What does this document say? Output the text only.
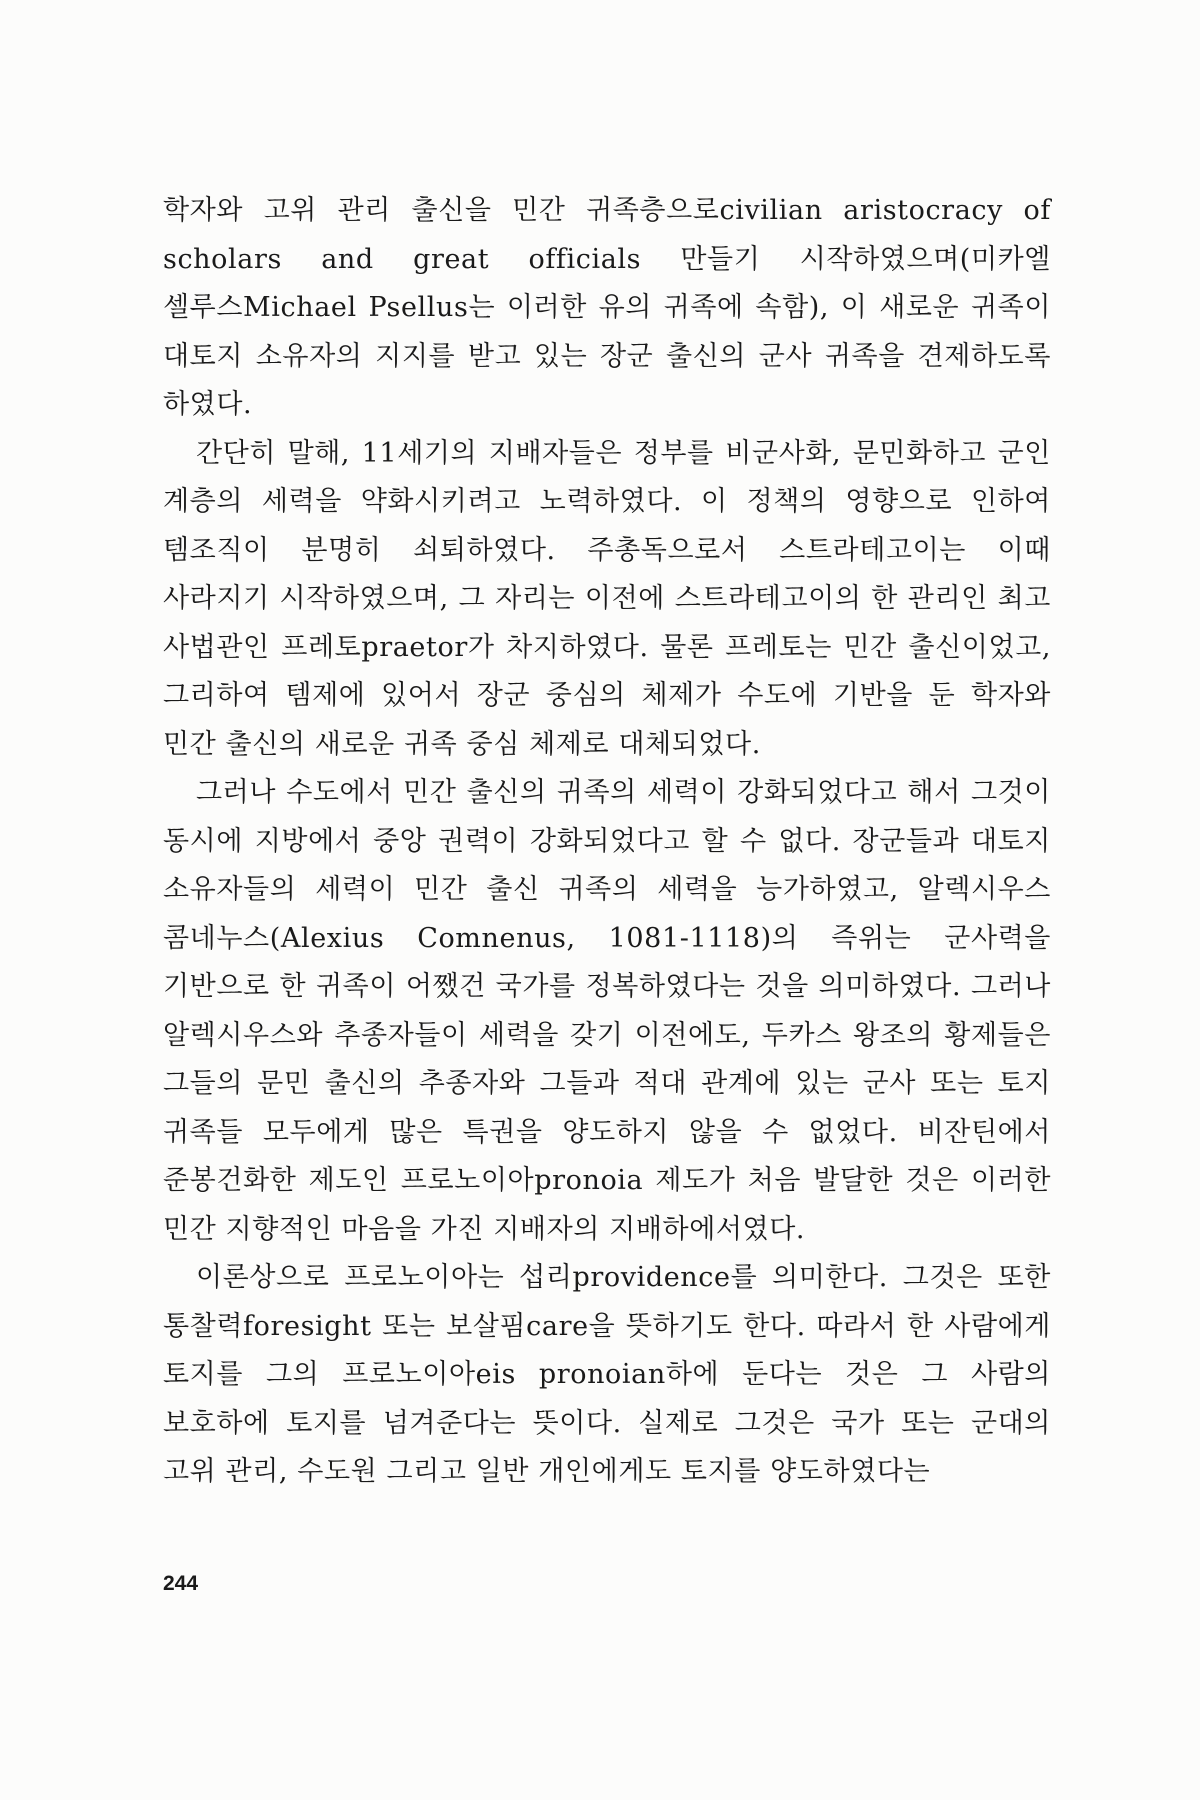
학자와 고위 관리 출신을 민간 귀족층으로civilian aristocracy of scholars and great officials 만들기 시작하였으며(미카엘 셀루스Michael Psellus는 이러한 유의 귀족에 속함), 이 새로운 귀족이 대토지 소유자의 지지를 받고 있는 장군 출신의 군사 귀족을 견제하도록 하였다.

간단히 말해, 11세기의 지배자들은 정부를 비군사화, 문민화하고 군인 계층의 세력을 약화시키려고 노력하였다. 이 정책의 영향으로 인하여 템조직이 분명히 쇠퇴하였다. 주총독으로서 스트라테고이는 이때 사라지기 시작하였으며, 그 자리는 이전에 스트라테고이의 한 관리인 최고 사법관인 프레토praetor가 차지하였다. 물론 프레토는 민간 출신이었고, 그리하여 템제에 있어서 장군 중심의 체제가 수도에 기반을 둔 학자와 민간 출신의 새로운 귀족 중심 체제로 대체되었다.

그러나 수도에서 민간 출신의 귀족의 세력이 강화되었다고 해서 그것이 동시에 지방에서 중앙 권력이 강화되었다고 할 수 없다. 장군들과 대토지 소유자들의 세력이 민간 출신 귀족의 세력을 능가하였고, 알렉시우스 콤네누스(Alexius Comnenus, 1081-1118)의 즉위는 군사력을 기반으로 한 귀족이 어쨌건 국가를 정복하였다는 것을 의미하였다. 그러나 알렉시우스와 추종자들이 세력을 갖기 이전에도, 두카스 왕조의 황제들은 그들의 문민 출신의 추종자와 그들과 적대 관계에 있는 군사 또는 토지 귀족들 모두에게 많은 특권을 양도하지 않을 수 없었다. 비잔틴에서 준봉건화한 제도인 프로노이아pronoia 제도가 처음 발달한 것은 이러한 민간 지향적인 마음을 가진 지배자의 지배하에서였다.

이론상으로 프로노이아는 섭리providence를 의미한다. 그것은 또한 통찰력foresight 또는 보살핌care을 뜻하기도 한다. 따라서 한 사람에게 토지를 그의 프로노이아eis pronoian하에 둔다는 것은 그 사람의 보호하에 토지를 넘겨준다는 뜻이다. 실제로 그것은 국가 또는 군대의 고위 관리, 수도원 그리고 일반 개인에게도 토지를 양도하였다는

244
